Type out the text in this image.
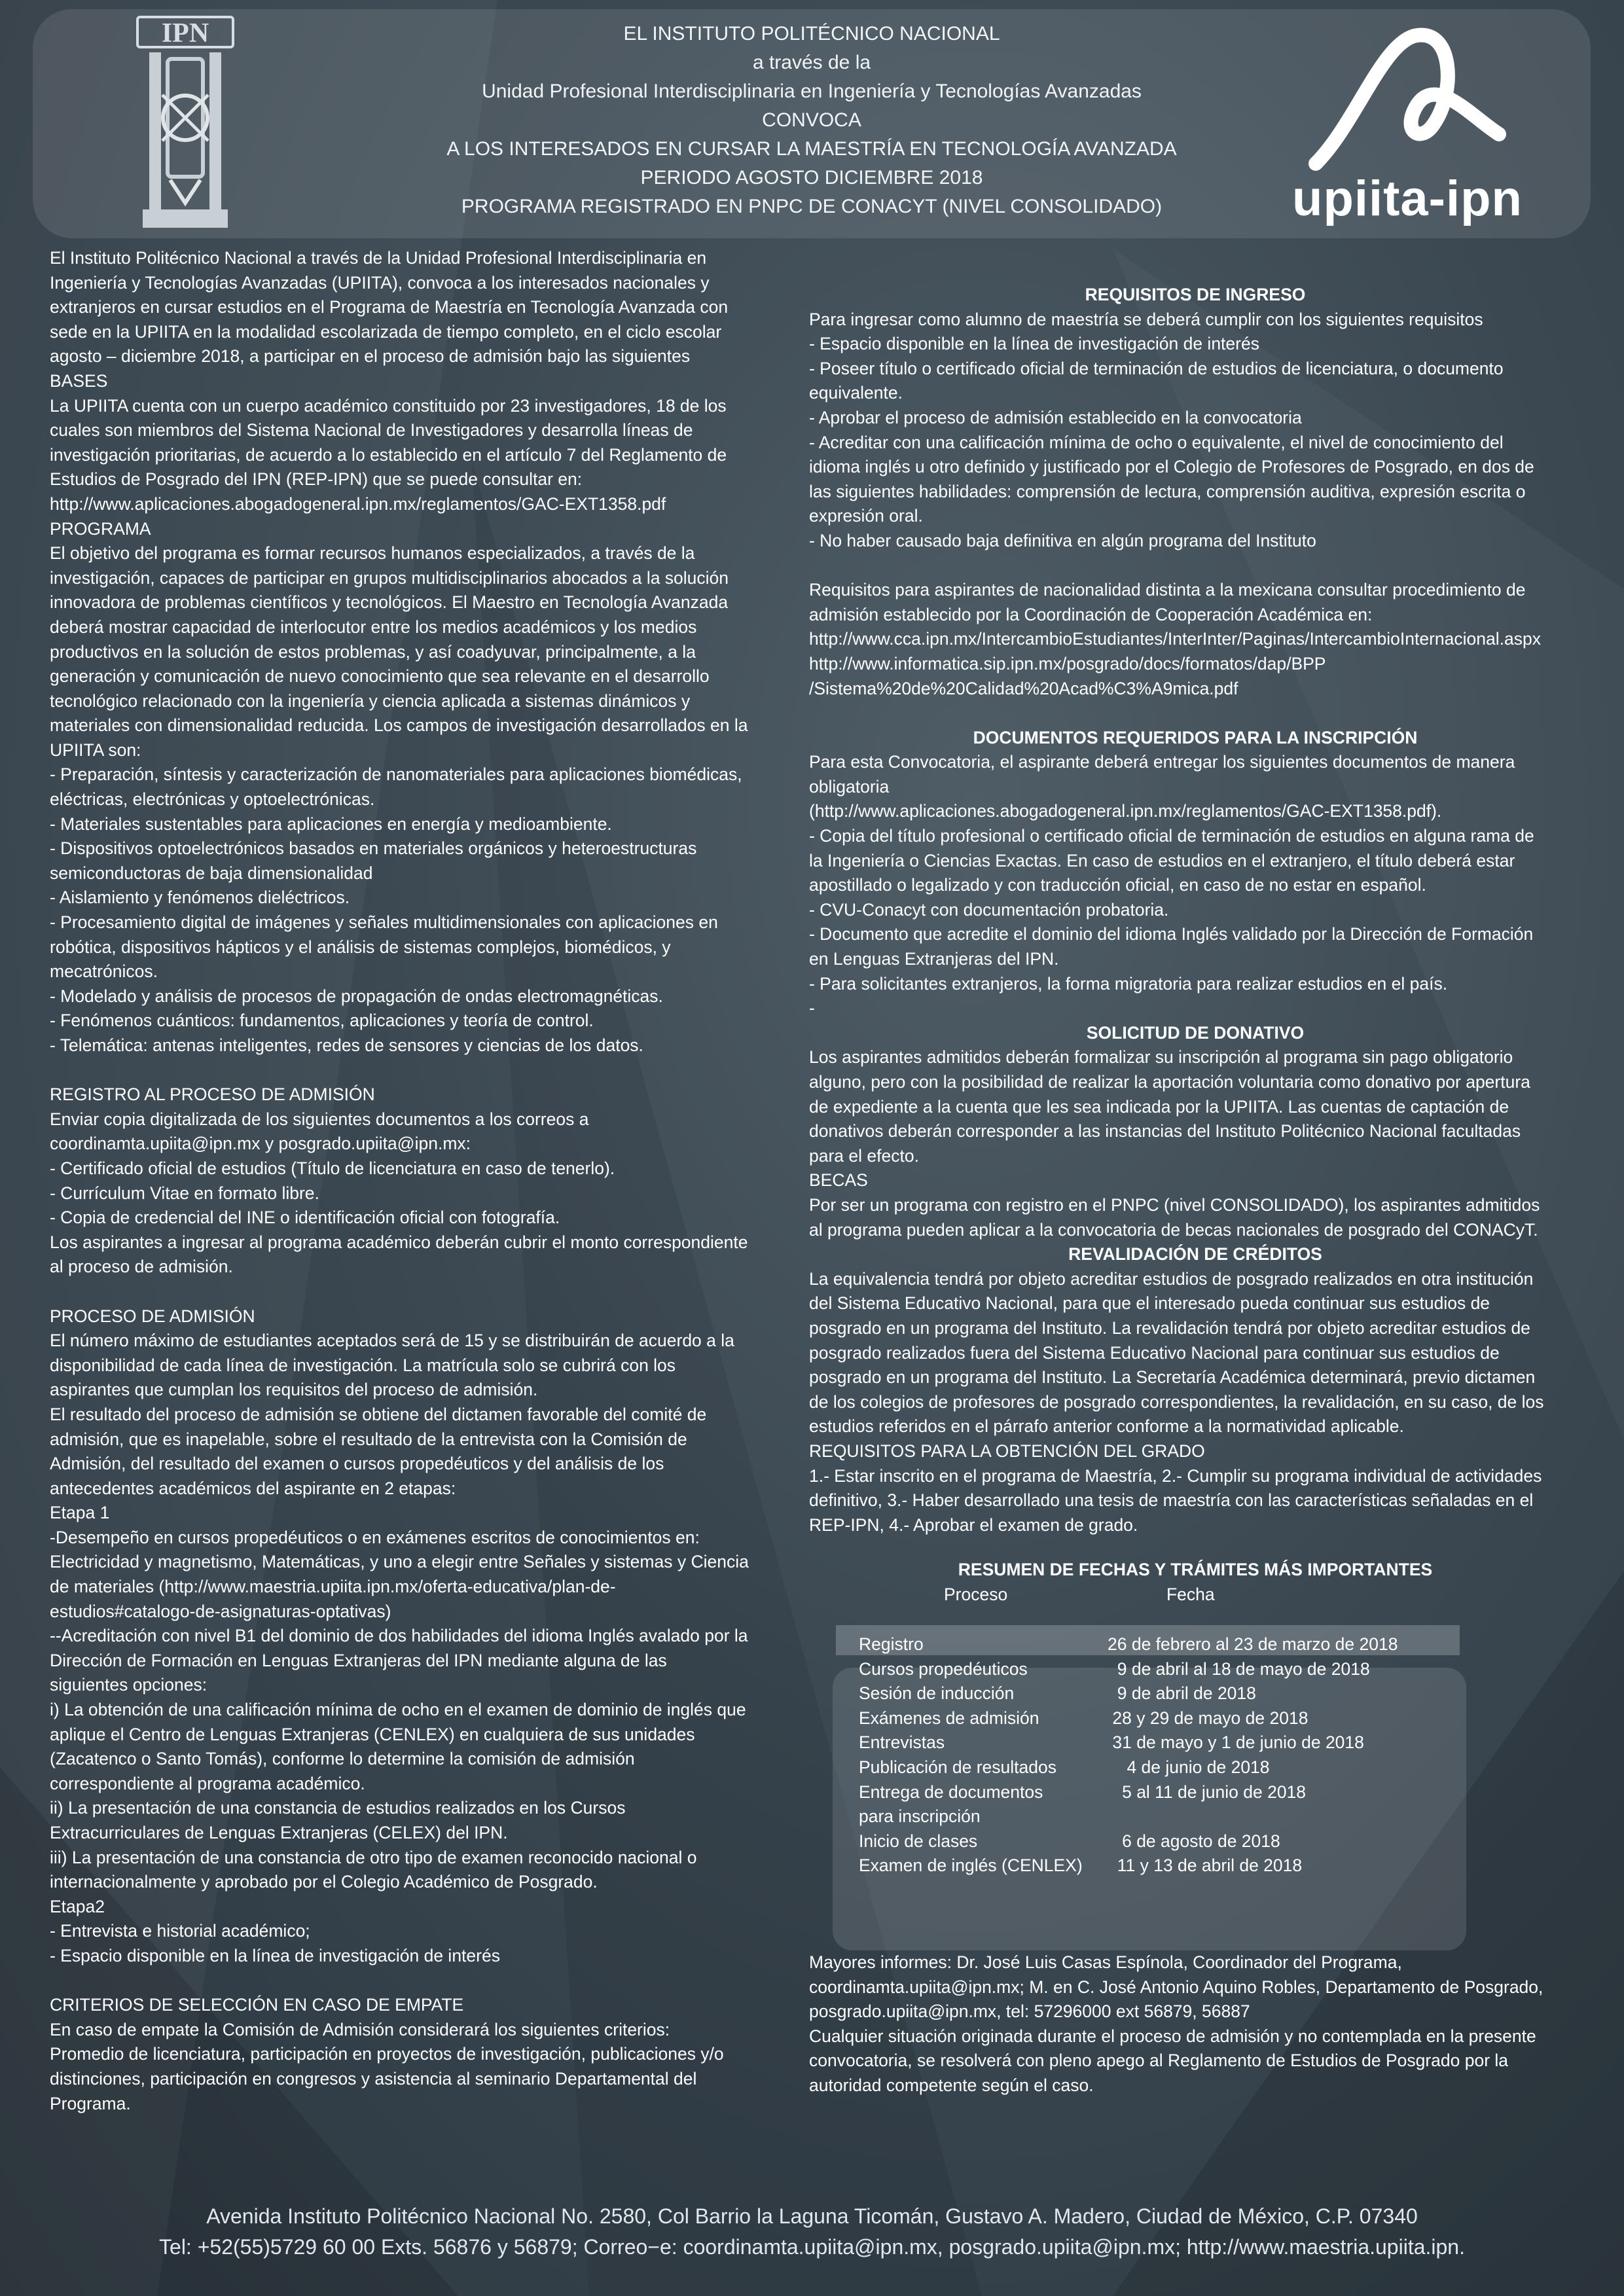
IPN	EL INSTITUTO POLITÉCNICO NACIONAL
a través de la
Unidad Profesional Interdisciplinaria en Ingeniería y Tecnologías Avanzadas
CONVOCA
A LOS INTERESADOS EN CURSAR LA MAESTRÍA EN TECNOLOGÍA AVANZADA
PERIODO AGOSTO DICIEMBRE 2018
PROGRAMA REGISTRADO EN PNPC DE CONACYT (NIVEL CONSOLIDADO)	upiita-ipn
El Instituto Politécnico Nacional a través de la Unidad Profesional Interdisciplinaria en
Ingeniería y Tecnologías Avanzadas (UPIITA), convoca a los interesados nacionales y
extranjeros en cursar estudios en el Programa de Maestría en Tecnología Avanzada con
sede en la UPIITA en la modalidad escolarizada de tiempo completo, en el ciclo escolar
agosto – diciembre 2018, a participar en el proceso de admisión bajo las siguientes
BASES
La UPIITA cuenta con un cuerpo académico constituido por 23 investigadores, 18 de los
cuales son miembros del Sistema Nacional de Investigadores y desarrolla líneas de
investigación prioritarias, de acuerdo a lo establecido en el artículo 7 del Reglamento de
Estudios de Posgrado del IPN (REP-IPN) que se puede consultar en:
http://www.aplicaciones.abogadogeneral.ipn.mx/reglamentos/GAC-EXT1358.pdf
PROGRAMA
El objetivo del programa es formar recursos humanos especializados, a través de la
investigación, capaces de participar en grupos multidisciplinarios abocados a la solución
innovadora de problemas científicos y tecnológicos. El Maestro en Tecnología Avanzada
deberá mostrar capacidad de interlocutor entre los medios académicos y los medios
productivos en la solución de estos problemas, y así coadyuvar, principalmente, a la
generación y comunicación de nuevo conocimiento que sea relevante en el desarrollo
tecnológico relacionado con la ingeniería y ciencia aplicada a sistemas dinámicos y
materiales con dimensionalidad reducida. Los campos de investigación desarrollados en la
UPIITA son:
- Preparación, síntesis y caracterización de nanomateriales para aplicaciones biomédicas,
eléctricas, electrónicas y optoelectrónicas.
- Materiales sustentables para aplicaciones en energía y medioambiente.
- Dispositivos optoelectrónicos basados en materiales orgánicos y heteroestructuras
semiconductoras de baja dimensionalidad
- Aislamiento y fenómenos dieléctricos.
- Procesamiento digital de imágenes y señales multidimensionales con aplicaciones en
robótica, dispositivos hápticos y el análisis de sistemas complejos, biomédicos, y
mecatrónicos.
- Modelado y análisis de procesos de propagación de ondas electromagnéticas.
- Fenómenos cuánticos: fundamentos, aplicaciones y teoría de control.
- Telemática: antenas inteligentes, redes de sensores y ciencias de los datos.
REGISTRO AL PROCESO DE ADMISIÓN
Enviar copia digitalizada de los siguientes documentos a los correos a
coordinamta.upiita@ipn.mx y posgrado.upiita@ipn.mx:
- Certificado oficial de estudios (Título de licenciatura en caso de tenerlo).
- Currículum Vitae en formato libre.
- Copia de credencial del INE o identificación oficial con fotografía.
Los aspirantes a ingresar al programa académico deberán cubrir el monto correspondiente
al proceso de admisión.
PROCESO DE ADMISIÓN
El número máximo de estudiantes aceptados será de 15 y se distribuirán de acuerdo a la
disponibilidad de cada línea de investigación. La matrícula solo se cubrirá con los
aspirantes que cumplan los requisitos del proceso de admisión.
El resultado del proceso de admisión se obtiene del dictamen favorable del comité de
admisión, que es inapelable, sobre el resultado de la entrevista con la Comisión de
Admisión, del resultado del examen o cursos propedéuticos y del análisis de los
antecedentes académicos del aspirante en 2 etapas:
Etapa 1
-Desempeño en cursos propedéuticos o en exámenes escritos de conocimientos en:
Electricidad y magnetismo, Matemáticas, y uno a elegir entre Señales y sistemas y Ciencia
de materiales (http://www.maestria.upiita.ipn.mx/oferta-educativa/plan-de-
estudios#catalogo-de-asignaturas-optativas)
--Acreditación con nivel B1 del dominio de dos habilidades del idioma Inglés avalado por la
Dirección de Formación en Lenguas Extranjeras del IPN mediante alguna de las
siguientes opciones:
i) La obtención de una calificación mínima de ocho en el examen de dominio de inglés que
aplique el Centro de Lenguas Extranjeras (CENLEX) en cualquiera de sus unidades
(Zacatenco o Santo Tomás), conforme lo determine la comisión de admisión
correspondiente al programa académico.
ii) La presentación de una constancia de estudios realizados en los Cursos
Extracurriculares de Lenguas Extranjeras (CELEX) del IPN.
iii) La presentación de una constancia de otro tipo de examen reconocido nacional o
internacionalmente y aprobado por el Colegio Académico de Posgrado.
Etapa2
- Entrevista e historial académico;
- Espacio disponible en la línea de investigación de interés
CRITERIOS DE SELECCIÓN EN CASO DE EMPATE
En caso de empate la Comisión de Admisión considerará los siguientes criterios:
Promedio de licenciatura, participación en proyectos de investigación, publicaciones y/o
distinciones, participación en congresos y asistencia al seminario Departamental del
Programa.
REQUISITOS DE INGRESO
Para ingresar como alumno de maestría se deberá cumplir con los siguientes requisitos
- Espacio disponible en la línea de investigación de interés
- Poseer título o certificado oficial de terminación de estudios de licenciatura, o documento
equivalente.
- Aprobar el proceso de admisión establecido en la convocatoria
- Acreditar con una calificación mínima de ocho o equivalente, el nivel de conocimiento del
idioma inglés u otro definido y justificado por el Colegio de Profesores de Posgrado, en dos de
las siguientes habilidades: comprensión de lectura, comprensión auditiva, expresión escrita o
expresión oral.
- No haber causado baja definitiva en algún programa del Instituto
Requisitos para aspirantes de nacionalidad distinta a la mexicana consultar procedimiento de
admisión establecido por la Coordinación de Cooperación Académica en:
http://www.cca.ipn.mx/IntercambioEstudiantes/InterInter/Paginas/IntercambioInternacional.aspx
http://www.informatica.sip.ipn.mx/posgrado/docs/formatos/dap/BPP
/Sistema%20de%20Calidad%20Acad%C3%A9mica.pdf
DOCUMENTOS REQUERIDOS PARA LA INSCRIPCIÓN
Para esta Convocatoria, el aspirante deberá entregar los siguientes documentos de manera
obligatoria
(http://www.aplicaciones.abogadogeneral.ipn.mx/reglamentos/GAC-EXT1358.pdf).
- Copia del título profesional o certificado oficial de terminación de estudios en alguna rama de
la Ingeniería o Ciencias Exactas. En caso de estudios en el extranjero, el título deberá estar
apostillado o legalizado y con traducción oficial, en caso de no estar en español.
- CVU-Conacyt con documentación probatoria.
- Documento que acredite el dominio del idioma Inglés validado por la Dirección de Formación
en Lenguas Extranjeras del IPN.
- Para solicitantes extranjeros, la forma migratoria para realizar estudios en el país.
-
SOLICITUD DE DONATIVO
Los aspirantes admitidos deberán formalizar su inscripción al programa sin pago obligatorio
alguno, pero con la posibilidad de realizar la aportación voluntaria como donativo por apertura
de expediente a la cuenta que les sea indicada por la UPIITA. Las cuentas de captación de
donativos deberán corresponder a las instancias del Instituto Politécnico Nacional facultadas
para el efecto.
BECAS
Por ser un programa con registro en el PNPC (nivel CONSOLIDADO), los aspirantes admitidos
al programa pueden aplicar a la convocatoria de becas nacionales de posgrado del CONACyT.
REVALIDACIÓN DE CRÉDITOS
La equivalencia tendrá por objeto acreditar estudios de posgrado realizados en otra institución
del Sistema Educativo Nacional, para que el interesado pueda continuar sus estudios de
posgrado en un programa del Instituto. La revalidación tendrá por objeto acreditar estudios de
posgrado realizados fuera del Sistema Educativo Nacional para continuar sus estudios de
posgrado en un programa del Instituto. La Secretaría Académica determinará, previo dictamen
de los colegios de profesores de posgrado correspondientes, la revalidación, en su caso, de los
estudios referidos en el párrafo anterior conforme a la normatividad aplicable.
REQUISITOS PARA LA OBTENCIÓN DEL GRADO
1.- Estar inscrito en el programa de Maestría, 2.- Cumplir su programa individual de actividades
definitivo, 3.- Haber desarrollado una tesis de maestría con las características señaladas en el
REP-IPN, 4.- Aprobar el examen de grado.
RESUMEN DE FECHAS Y TRÁMITES MÁS IMPORTANTES
Proceso	Fecha
Registro	26 de febrero al 23 de marzo de 2018
Cursos propedéuticos	9 de abril al 18 de mayo de 2018
Sesión de inducción	9 de abril de 2018
Exámenes de admisión	28 y 29 de mayo de 2018
Entrevistas	31 de mayo y 1 de junio de 2018
Publicación de resultados	4 de junio de 2018
Entrega de documentos	5 al 11 de junio de 2018
para inscripción
Inicio de clases	6 de agosto de 2018
Examen de inglés (CENLEX) 11 y 13 de abril de 2018
Mayores informes: Dr. José Luis Casas Espínola, Coordinador del Programa,
coordinamta.upiita@ipn.mx; M. en C. José Antonio Aquino Robles, Departamento de Posgrado,
posgrado.upiita@ipn.mx, tel: 57296000 ext 56879, 56887
Cualquier situación originada durante el proceso de admisión y no contemplada en la presente
convocatoria, se resolverá con pleno apego al Reglamento de Estudios de Posgrado por la
autoridad competente según el caso.
Avenida Instituto Politécnico Nacional No. 2580, Col Barrio la Laguna Ticomán, Gustavo A. Madero, Ciudad de México, C.P. 07340
Tel: +52(55)5729 60 00 Exts. 56876 y 56879; Correo−e: coordinamta.upiita@ipn.mx, posgrado.upiita@ipn.mx; http://www.maestria.upiita.ipn.
